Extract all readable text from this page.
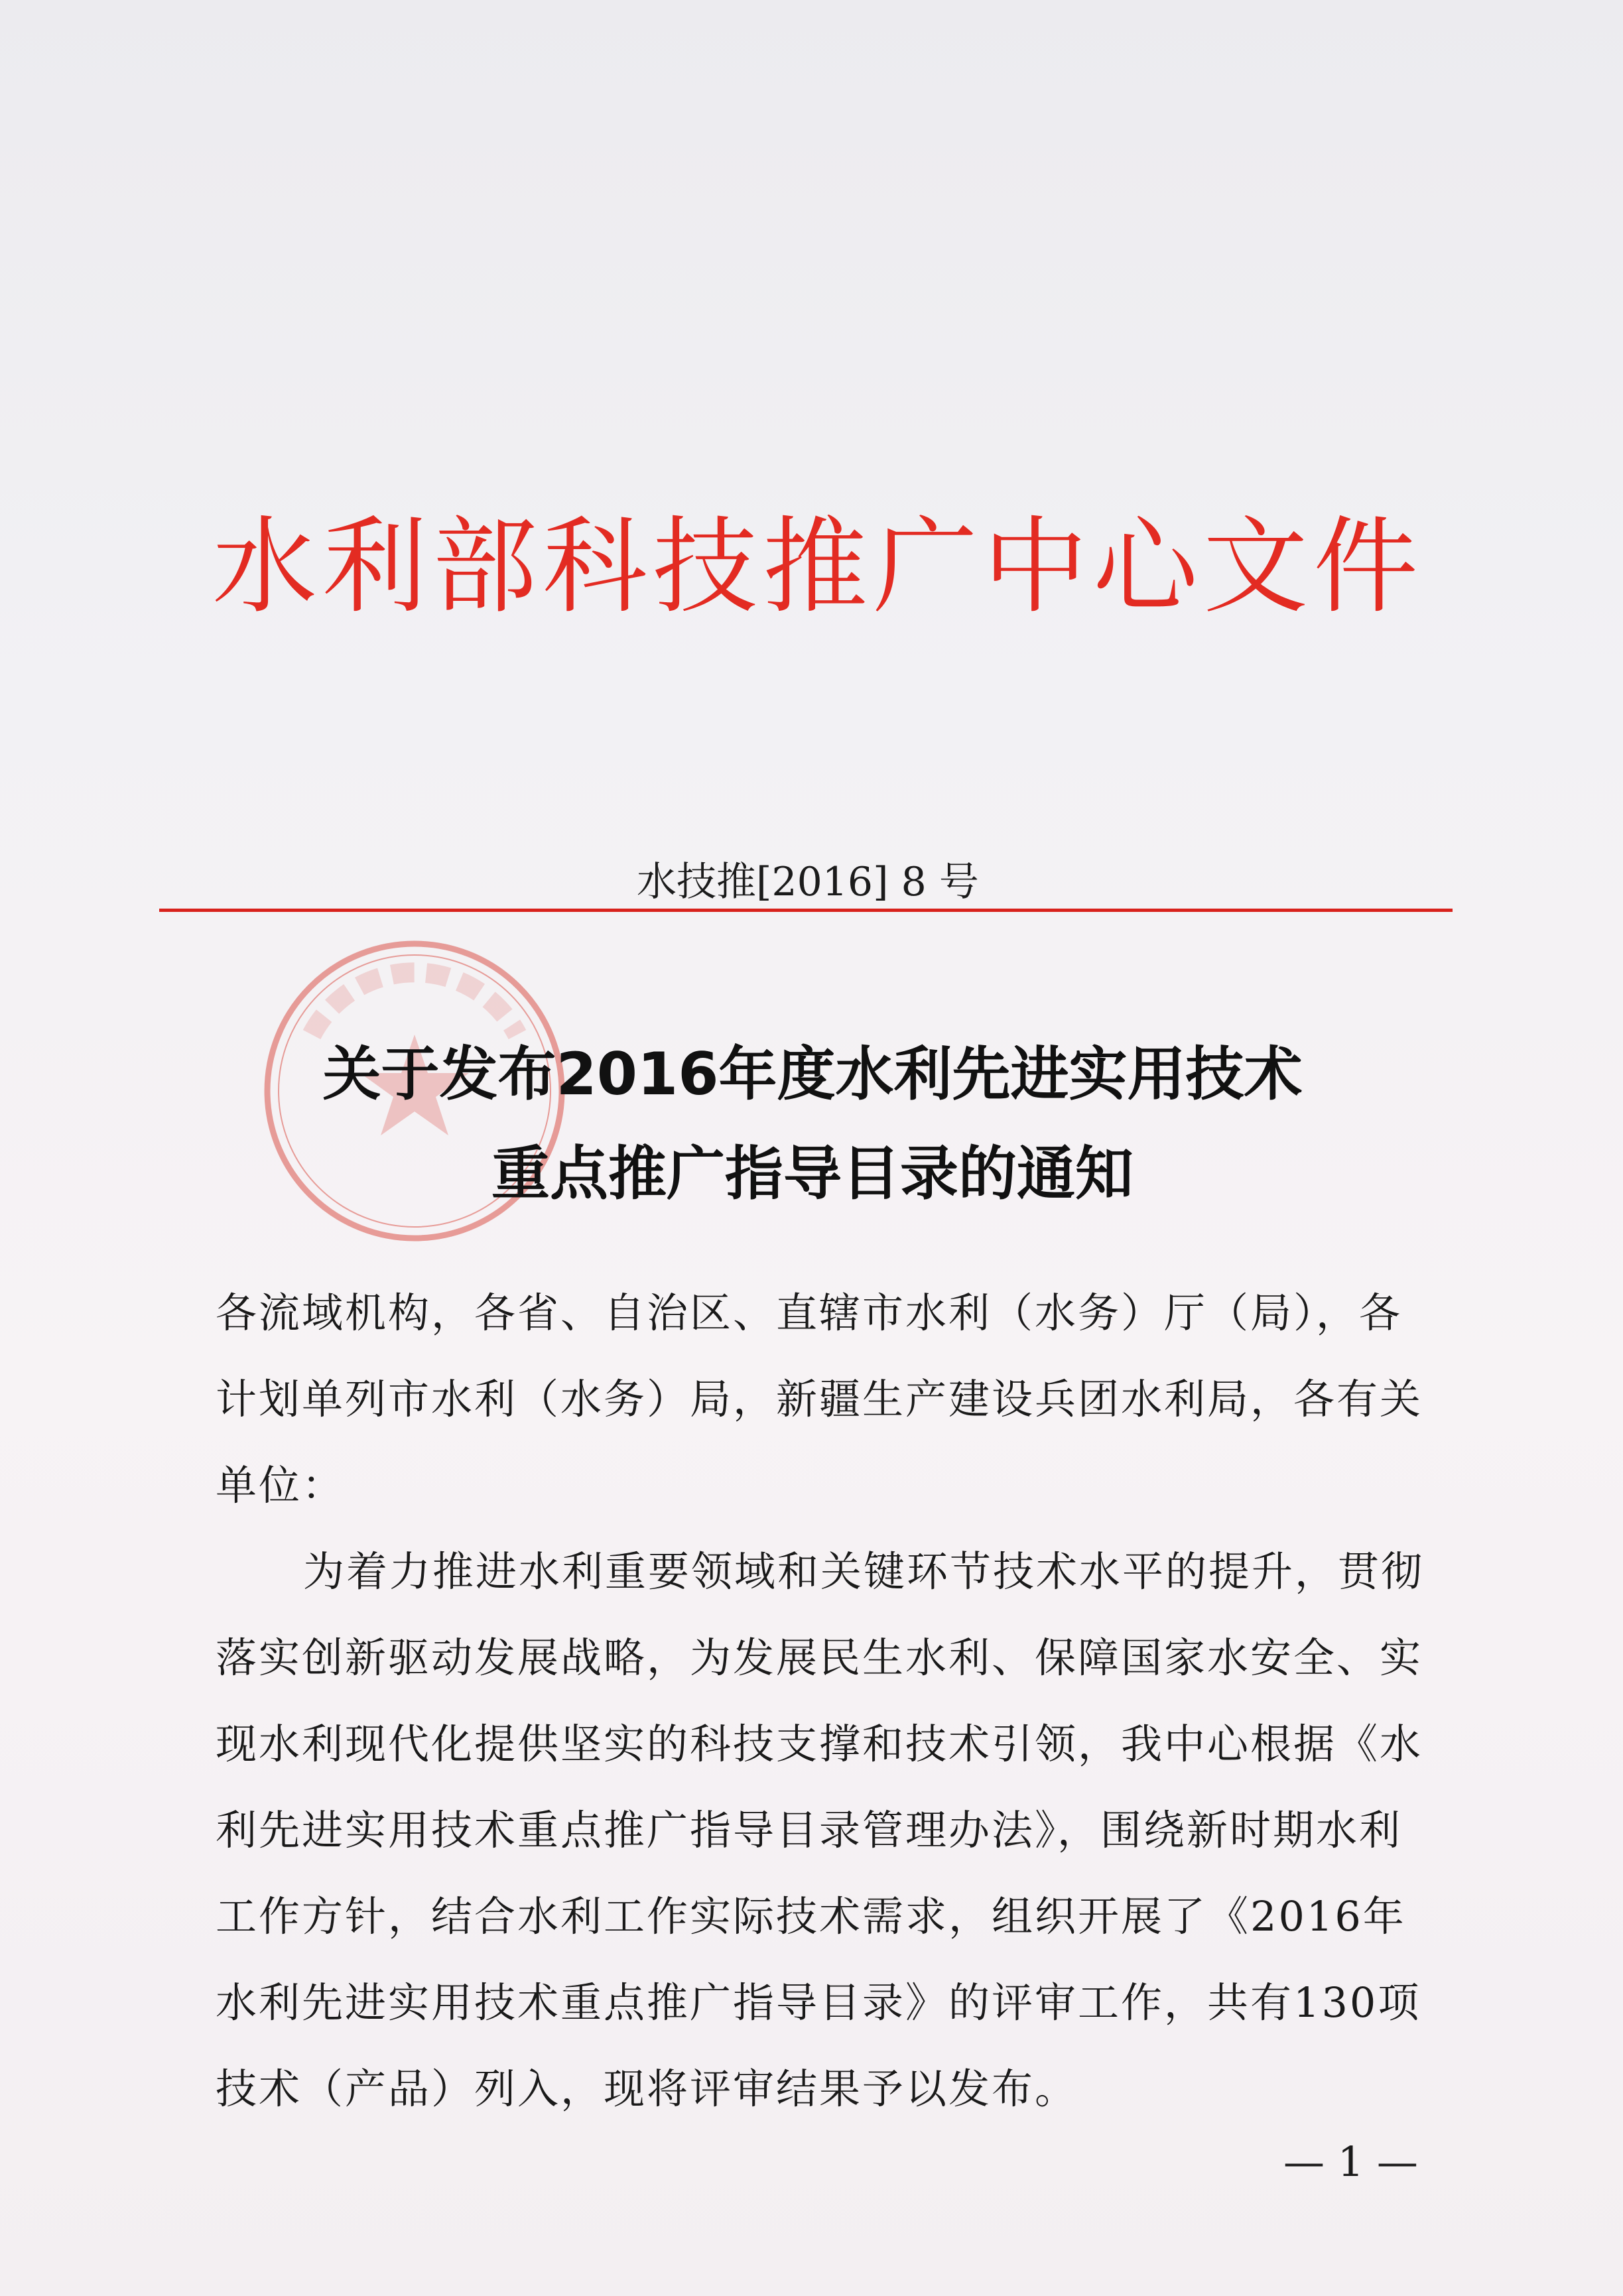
水利部科技推广中心文件
水技推[2016] 8 号
关于发布2016年度水利先进实用技术
重点推广指导目录的通知

各流域机构，各省、自治区、直辖市水利（水务）厅（局），各计划单列市水利（水务）局，新疆生产建设兵团水利局，各有关单位：

为着力推进水利重要领域和关键环节技术水平的提升，贯彻落实创新驱动发展战略，为发展民生水利、保障国家水安全、实现水利现代化提供坚实的科技支撑和技术引领，我中心根据《水利先进实用技术重点推广指导目录管理办法》，围绕新时期水利工作方针，结合水利工作实际技术需求，组织开展了《2016年水利先进实用技术重点推广指导目录》的评审工作，共有130项技术（产品）列入，现将评审结果予以发布。

— 1 —
